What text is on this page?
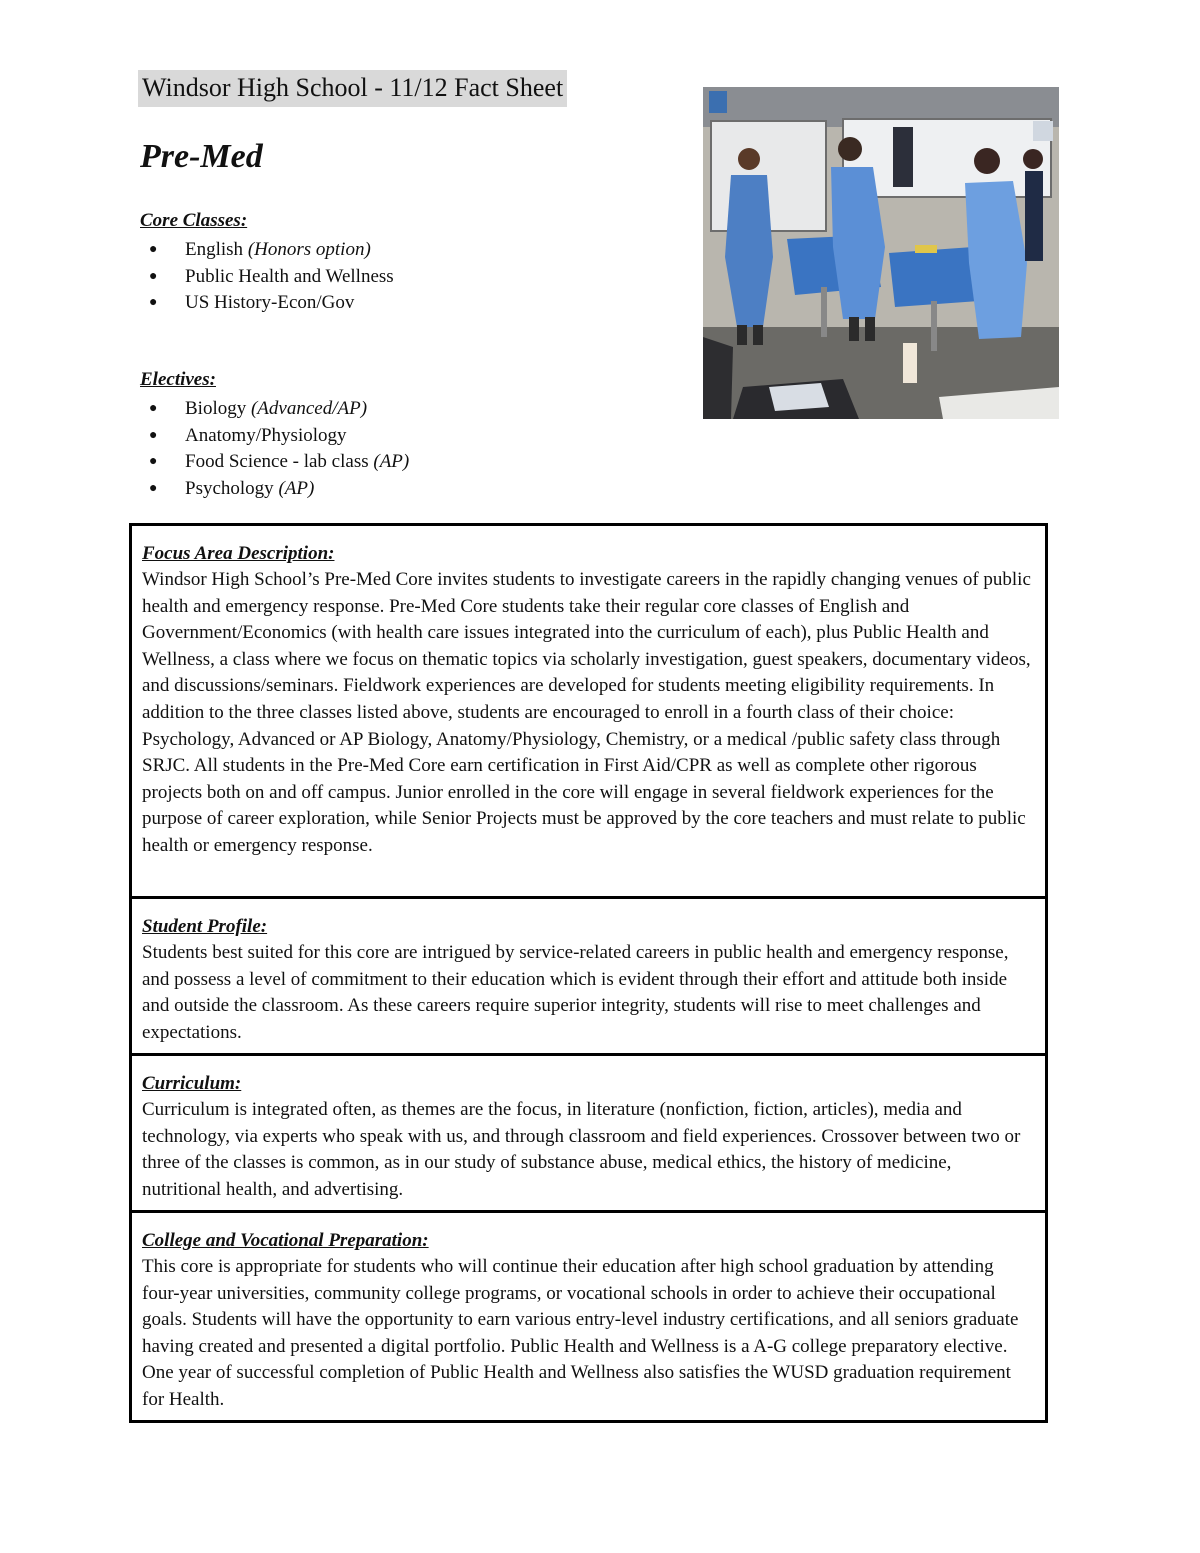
Windsor High School - 11/12 Fact Sheet
Pre-Med
Core Classes:
● English (Honors option)
● Public Health and Wellness
● US History-Econ/Gov
Electives:
● Biology (Advanced/AP)
● Anatomy/Physiology
● Food Science - lab class (AP)
● Psychology (AP)
Focus Area Description:
Windsor High School’s Pre-Med Core invites students to investigate careers in the rapidly changing venues of public health and emergency response. Pre-Med Core students take their regular core classes of English and Government/Economics (with health care issues integrated into the curriculum of each), plus Public Health and Wellness, a class where we focus on thematic topics via scholarly investigation, guest speakers, documentary videos, and discussions/seminars. Fieldwork experiences are developed for students meeting eligibility requirements. In addition to the three classes listed above, students are encouraged to enroll in a fourth class of their choice: Psychology, Advanced or AP Biology, Anatomy/Physiology, Chemistry, or a medical /public safety class through SRJC. All students in the Pre-Med Core earn certification in First Aid/CPR as well as complete other rigorous projects both on and off campus. Junior enrolled in the core will engage in several fieldwork experiences for the purpose of career exploration, while Senior Projects must be approved by the core teachers and must relate to public health or emergency response.
Student Profile:
Students best suited for this core are intrigued by service-related careers in public health and emergency response, and possess a level of commitment to their education which is evident through their effort and attitude both inside and outside the classroom. As these careers require superior integrity, students will rise to meet challenges and expectations.
Curriculum:
Curriculum is integrated often, as themes are the focus, in literature (nonfiction, fiction, articles), media and technology, via experts who speak with us, and through classroom and field experiences. Crossover between two or three of the classes is common, as in our study of substance abuse, medical ethics, the history of medicine, nutritional health, and advertising.
College and Vocational Preparation:
This core is appropriate for students who will continue their education after high school graduation by attending four-year universities, community college programs, or vocational schools in order to achieve their occupational goals. Students will have the opportunity to earn various entry-level industry certifications, and all seniors graduate having created and presented a digital portfolio. Public Health and Wellness is a A-G college preparatory elective. One year of successful completion of Public Health and Wellness also satisfies the WUSD graduation requirement for Health.
